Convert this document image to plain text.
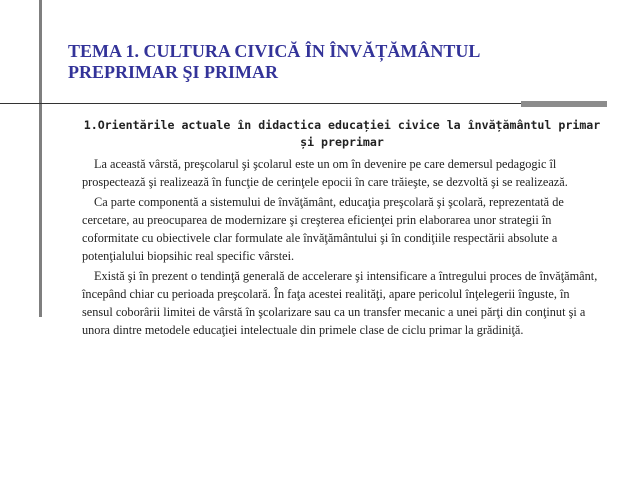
TEMA 1. CULTURA CIVICĂ ÎN ÎNVĂȚĂMÂNTUL
PREPRIMAR ŞI PRIMAR

1.Orientările actuale în didactica educației civice la învățământul primar și preprimar

La această vârstă, preşcolarul şi şcolarul este un om în devenire pe care demersul pedagogic îl prospectează şi realizează în funcţie de cerinţele epocii în care trăieşte, se dezvoltă şi se realizează.

Ca parte componentă a sistemului de învăţământ, educaţia preşcolară şi şcolară, reprezentată de cercetare, au preocuparea de modernizare şi creşterea eficienţei prin elaborarea unor strategii în coformitate cu obiectivele clar formulate ale învăţământului şi în condiţiile respectării absolute a potenţialului biopsihic real specific vârstei.

Există şi în prezent o tendinţă generală de accelerare şi intensificare a întregului proces de învăţământ, începând chiar cu perioada preşcolară. În faţa acestei realităţi, apare pericolul înţelegerii înguste, în sensul coborârii limitei de vârstă în şcolarizare sau ca un transfer mecanic a unei părţi din conţinut şi a unora dintre metodele educaţiei intelectuale din primele clase de ciclu primar la grădiniţă.
